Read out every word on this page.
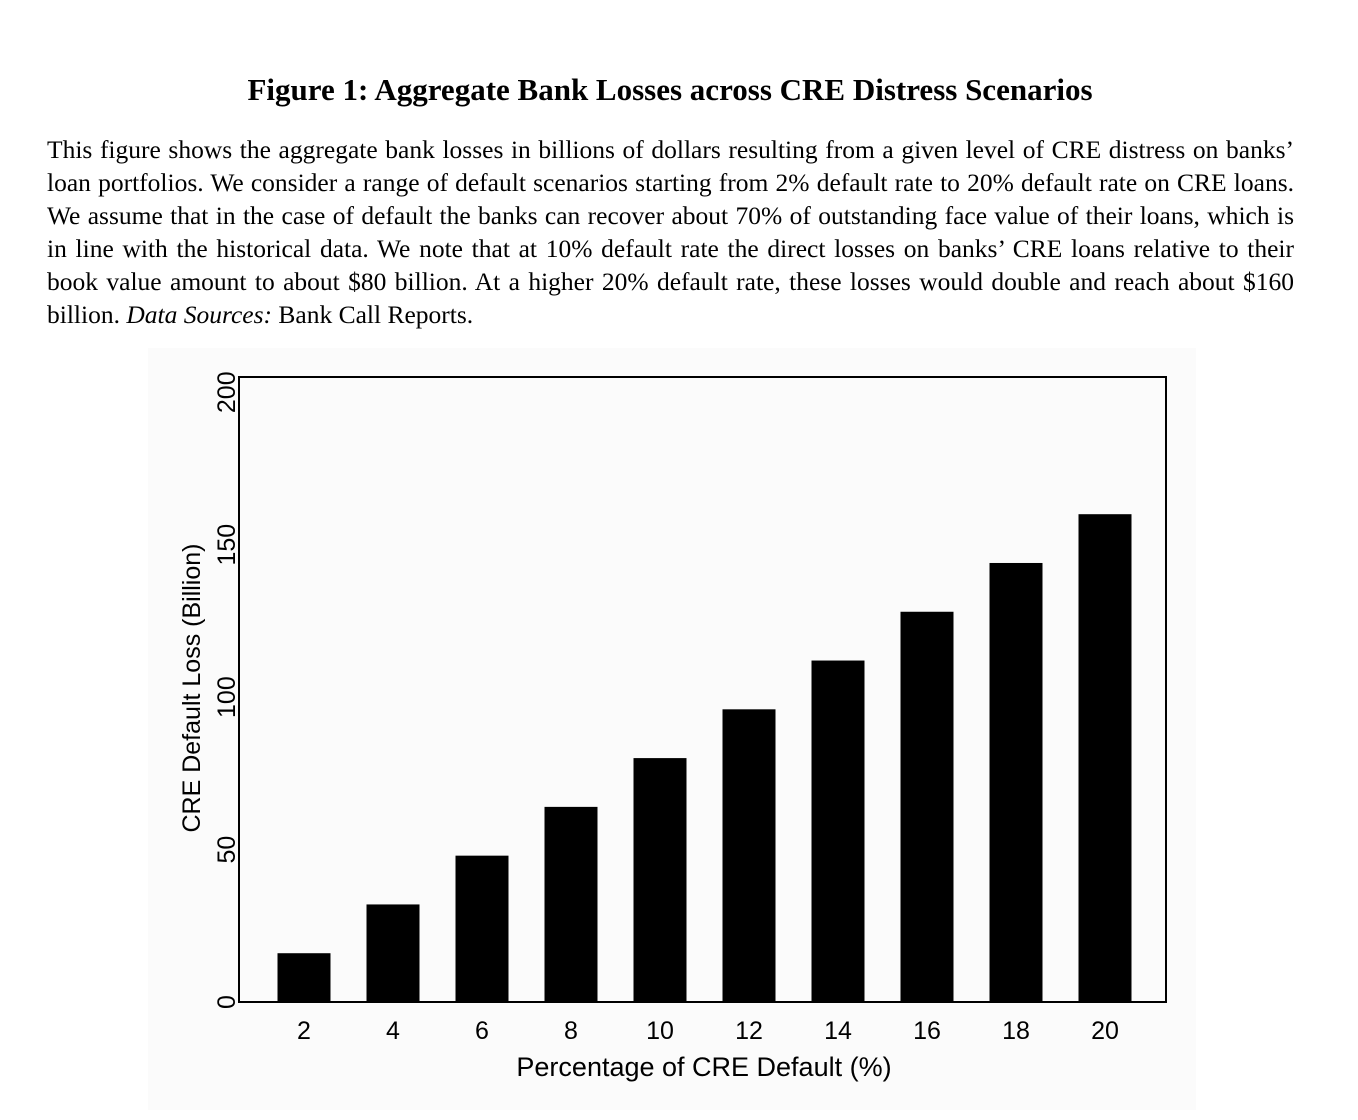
Figure 1: Aggregate Bank Losses across CRE Distress Scenarios

This figure shows the aggregate bank losses in billions of dollars resulting from a given level of CRE distress on banks’ loan portfolios. We consider a range of default scenarios starting from 2% default rate to 20% default rate on CRE loans. We assume that in the case of default the banks can recover about 70% of outstanding face value of their loans, which is in line with the historical data. We note that at 10% default rate the direct losses on banks’ CRE loans relative to their book value amount to about $80 billion. At a higher 20% default rate, these losses would double and reach about $160 billion. Data Sources: Bank Call Reports.

0
50
100
150
200
2	4	6	8	10 12 14 16 18 20
Percentage of CRE Default (%)
CRE Default Loss (Billion)
